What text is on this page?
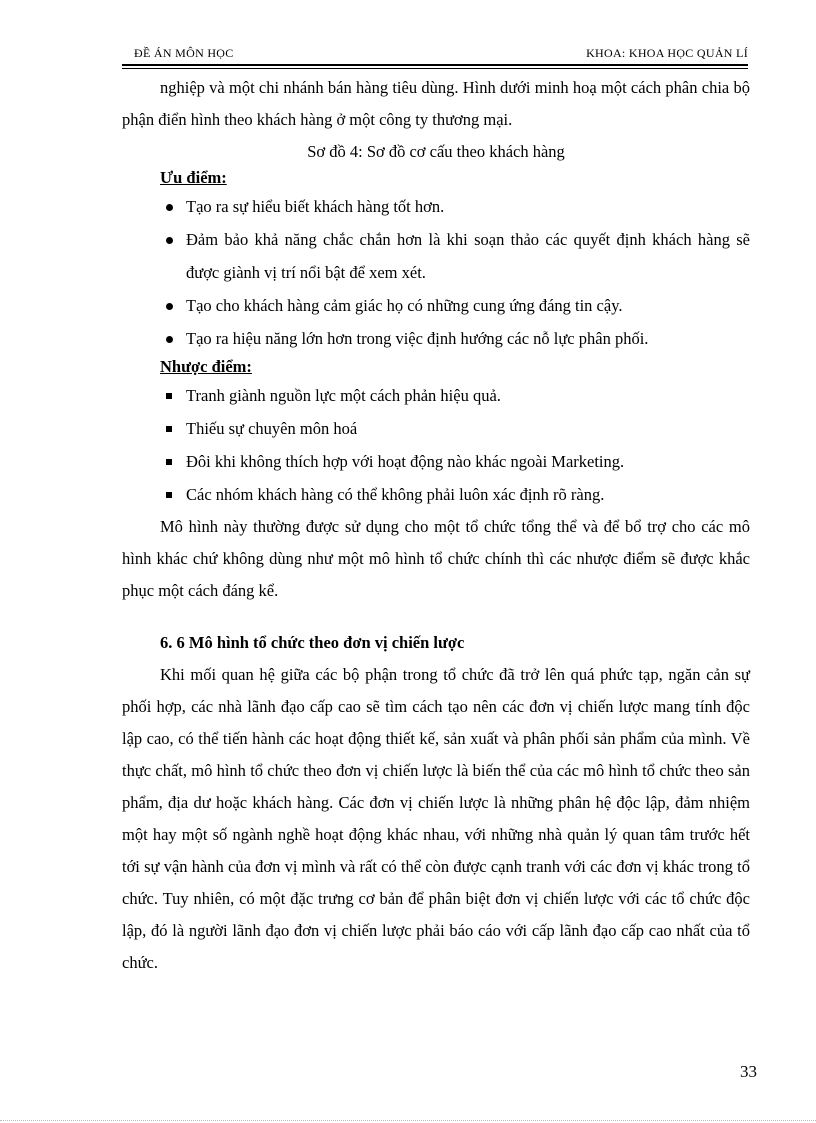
ĐỀ ÁN MÔN HỌC	KHOA: KHOA HỌC QUẢN LÍ

nghiệp và một chi nhánh bán hàng tiêu dùng. Hình dưới minh hoạ một cách phân chia bộ phận điển hình theo khách hàng ở một công ty thương mại.

Sơ đồ 4: Sơ đồ cơ cấu theo khách hàng

Ưu điểm:
Tạo ra sự hiểu biết khách hàng tốt hơn.
Đảm bảo khả năng chắc chắn hơn là khi soạn thảo các quyết định khách hàng sẽ được giành vị trí nổi bật để xem xét.
Tạo cho khách hàng cảm giác họ có những cung ứng đáng tin cậy.
Tạo ra hiệu năng lớn hơn trong việc định hướng các nỗ lực phân phối.
Nhược điểm:
Tranh giành nguồn lực một cách phản hiệu quả.
Thiếu sự chuyên môn hoá
Đôi khi không thích hợp với hoạt động nào khác ngoài Marketing.
Các nhóm khách hàng có thể không phải luôn xác định rõ ràng.

Mô hình này thường được sử dụng cho một tổ chức tổng thể và để bổ trợ cho các mô hình khác chứ không dùng như một mô hình tổ chức chính thì các nhược điểm sẽ được khắc phục một cách đáng kể.

6. 6 Mô hình tổ chức theo đơn vị chiến lược

Khi mối quan hệ giữa các bộ phận trong tổ chức đã trở lên quá phức tạp, ngăn cản sự phối hợp, các nhà lãnh đạo cấp cao sẽ tìm cách tạo nên các đơn vị chiến lược mang tính độc lập cao, có thể tiến hành các hoạt động thiết kế, sản xuất và phân phối sản phẩm của mình. Về thực chất, mô hình tổ chức theo đơn vị chiến lược là biến thể của các mô hình tổ chức theo sản phẩm, địa dư hoặc khách hàng. Các đơn vị chiến lược là những phân hệ độc lập, đảm nhiệm một hay một số ngành nghề hoạt động khác nhau, với những nhà quản lý quan tâm trước hết tới sự vận hành của đơn vị mình và rất có thể còn được cạnh tranh với các đơn vị khác trong tổ chức. Tuy nhiên, có một đặc trưng cơ bản để phân biệt đơn vị chiến lược với các tổ chức độc lập, đó là người lãnh đạo đơn vị chiến lược phải báo cáo với cấp lãnh đạo cấp cao nhất của tổ chức.

33
